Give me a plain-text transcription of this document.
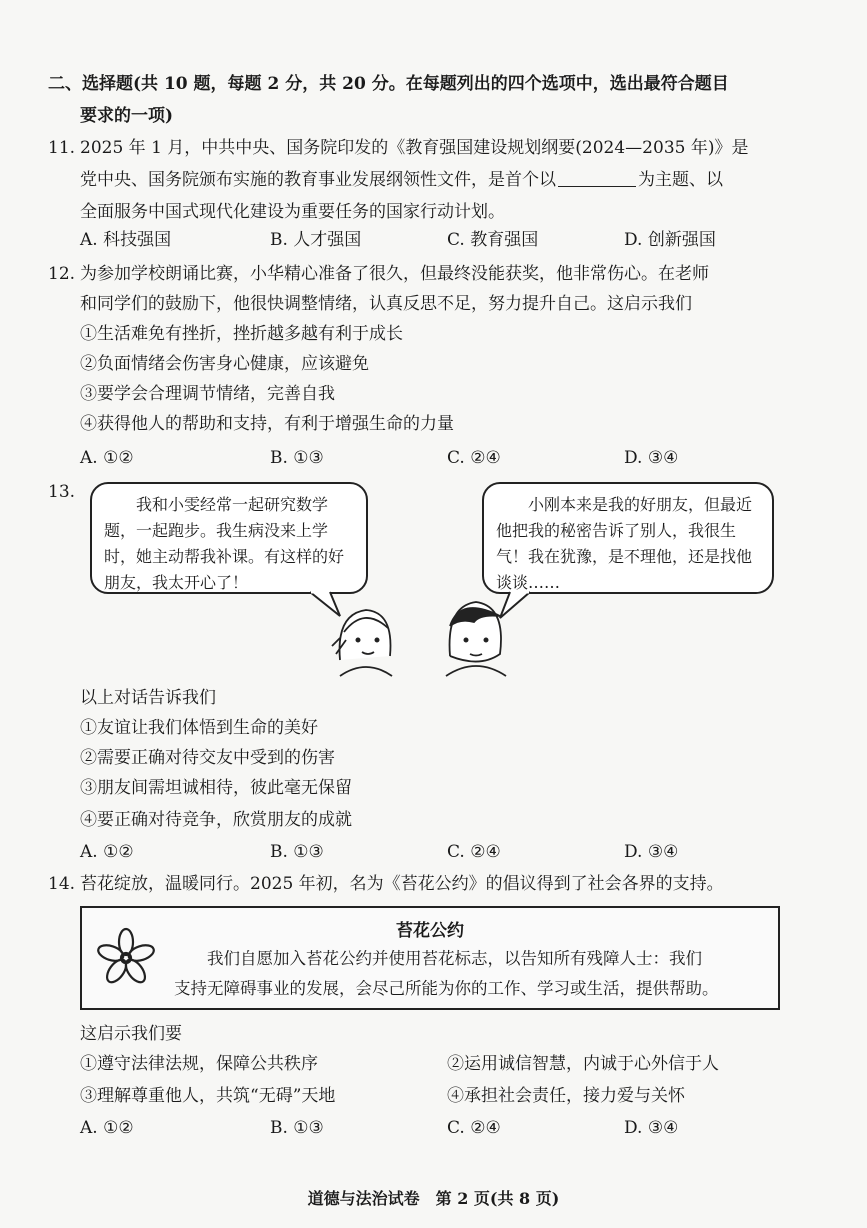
二、选择题(共 10 题，每题 2 分，共 20 分。在每题列出的四个选项中，选出最符合题目
要求的一项)
11. 2025 年 1 月，中共中央、国务院印发的《教育强国建设规划纲要(2024—2035 年)》是
党中央、国务院颁布实施的教育事业发展纲领性文件，是首个以	为主题、以
全面服务中国式现代化建设为重要任务的国家行动计划。
A. 科技强国	B. 人才强国	C. 教育强国	D. 创新强国
12. 为参加学校朗诵比赛，小华精心准备了很久，但最终没能获奖，他非常伤心。在老师
和同学们的鼓励下，他很快调整情绪，认真反思不足，努力提升自己。这启示我们
①生活难免有挫折，挫折越多越有利于成长
②负面情绪会伤害身心健康，应该避免
③要学会合理调节情绪，完善自我
④获得他人的帮助和支持，有利于增强生命的力量
A. ①②	B. ①③	C. ②④	D. ③④
13.
我和小雯经常一起研究数学题，一起跑步。我生病没来上学时，她主动帮我补课。有这样的好朋友，我太开心了！
小刚本来是我的好朋友，但最近他把我的秘密告诉了别人，我很生气！我在犹豫，是不理他，还是找他谈谈……
以上对话告诉我们
①友谊让我们体悟到生命的美好
②需要正确对待交友中受到的伤害
③朋友间需坦诚相待，彼此毫无保留
④要正确对待竞争，欣赏朋友的成就
A. ①②	B. ①③	C. ②④	D. ③④
14. 苔花绽放，温暖同行。2025 年初，名为《苔花公约》的倡议得到了社会各界的支持。
苔花公约
我们自愿加入苔花公约并使用苔花标志，以告知所有残障人士：我们
支持无障碍事业的发展，会尽己所能为你的工作、学习或生活，提供帮助。
这启示我们要
①遵守法律法规，保障公共秩序	②运用诚信智慧，内诚于心外信于人
③理解尊重他人，共筑“无碍”天地	④承担社会责任，接力爱与关怀
A. ①②	B. ①③	C. ②④	D. ③④
道德与法治试卷　第 2 页(共 8 页)
